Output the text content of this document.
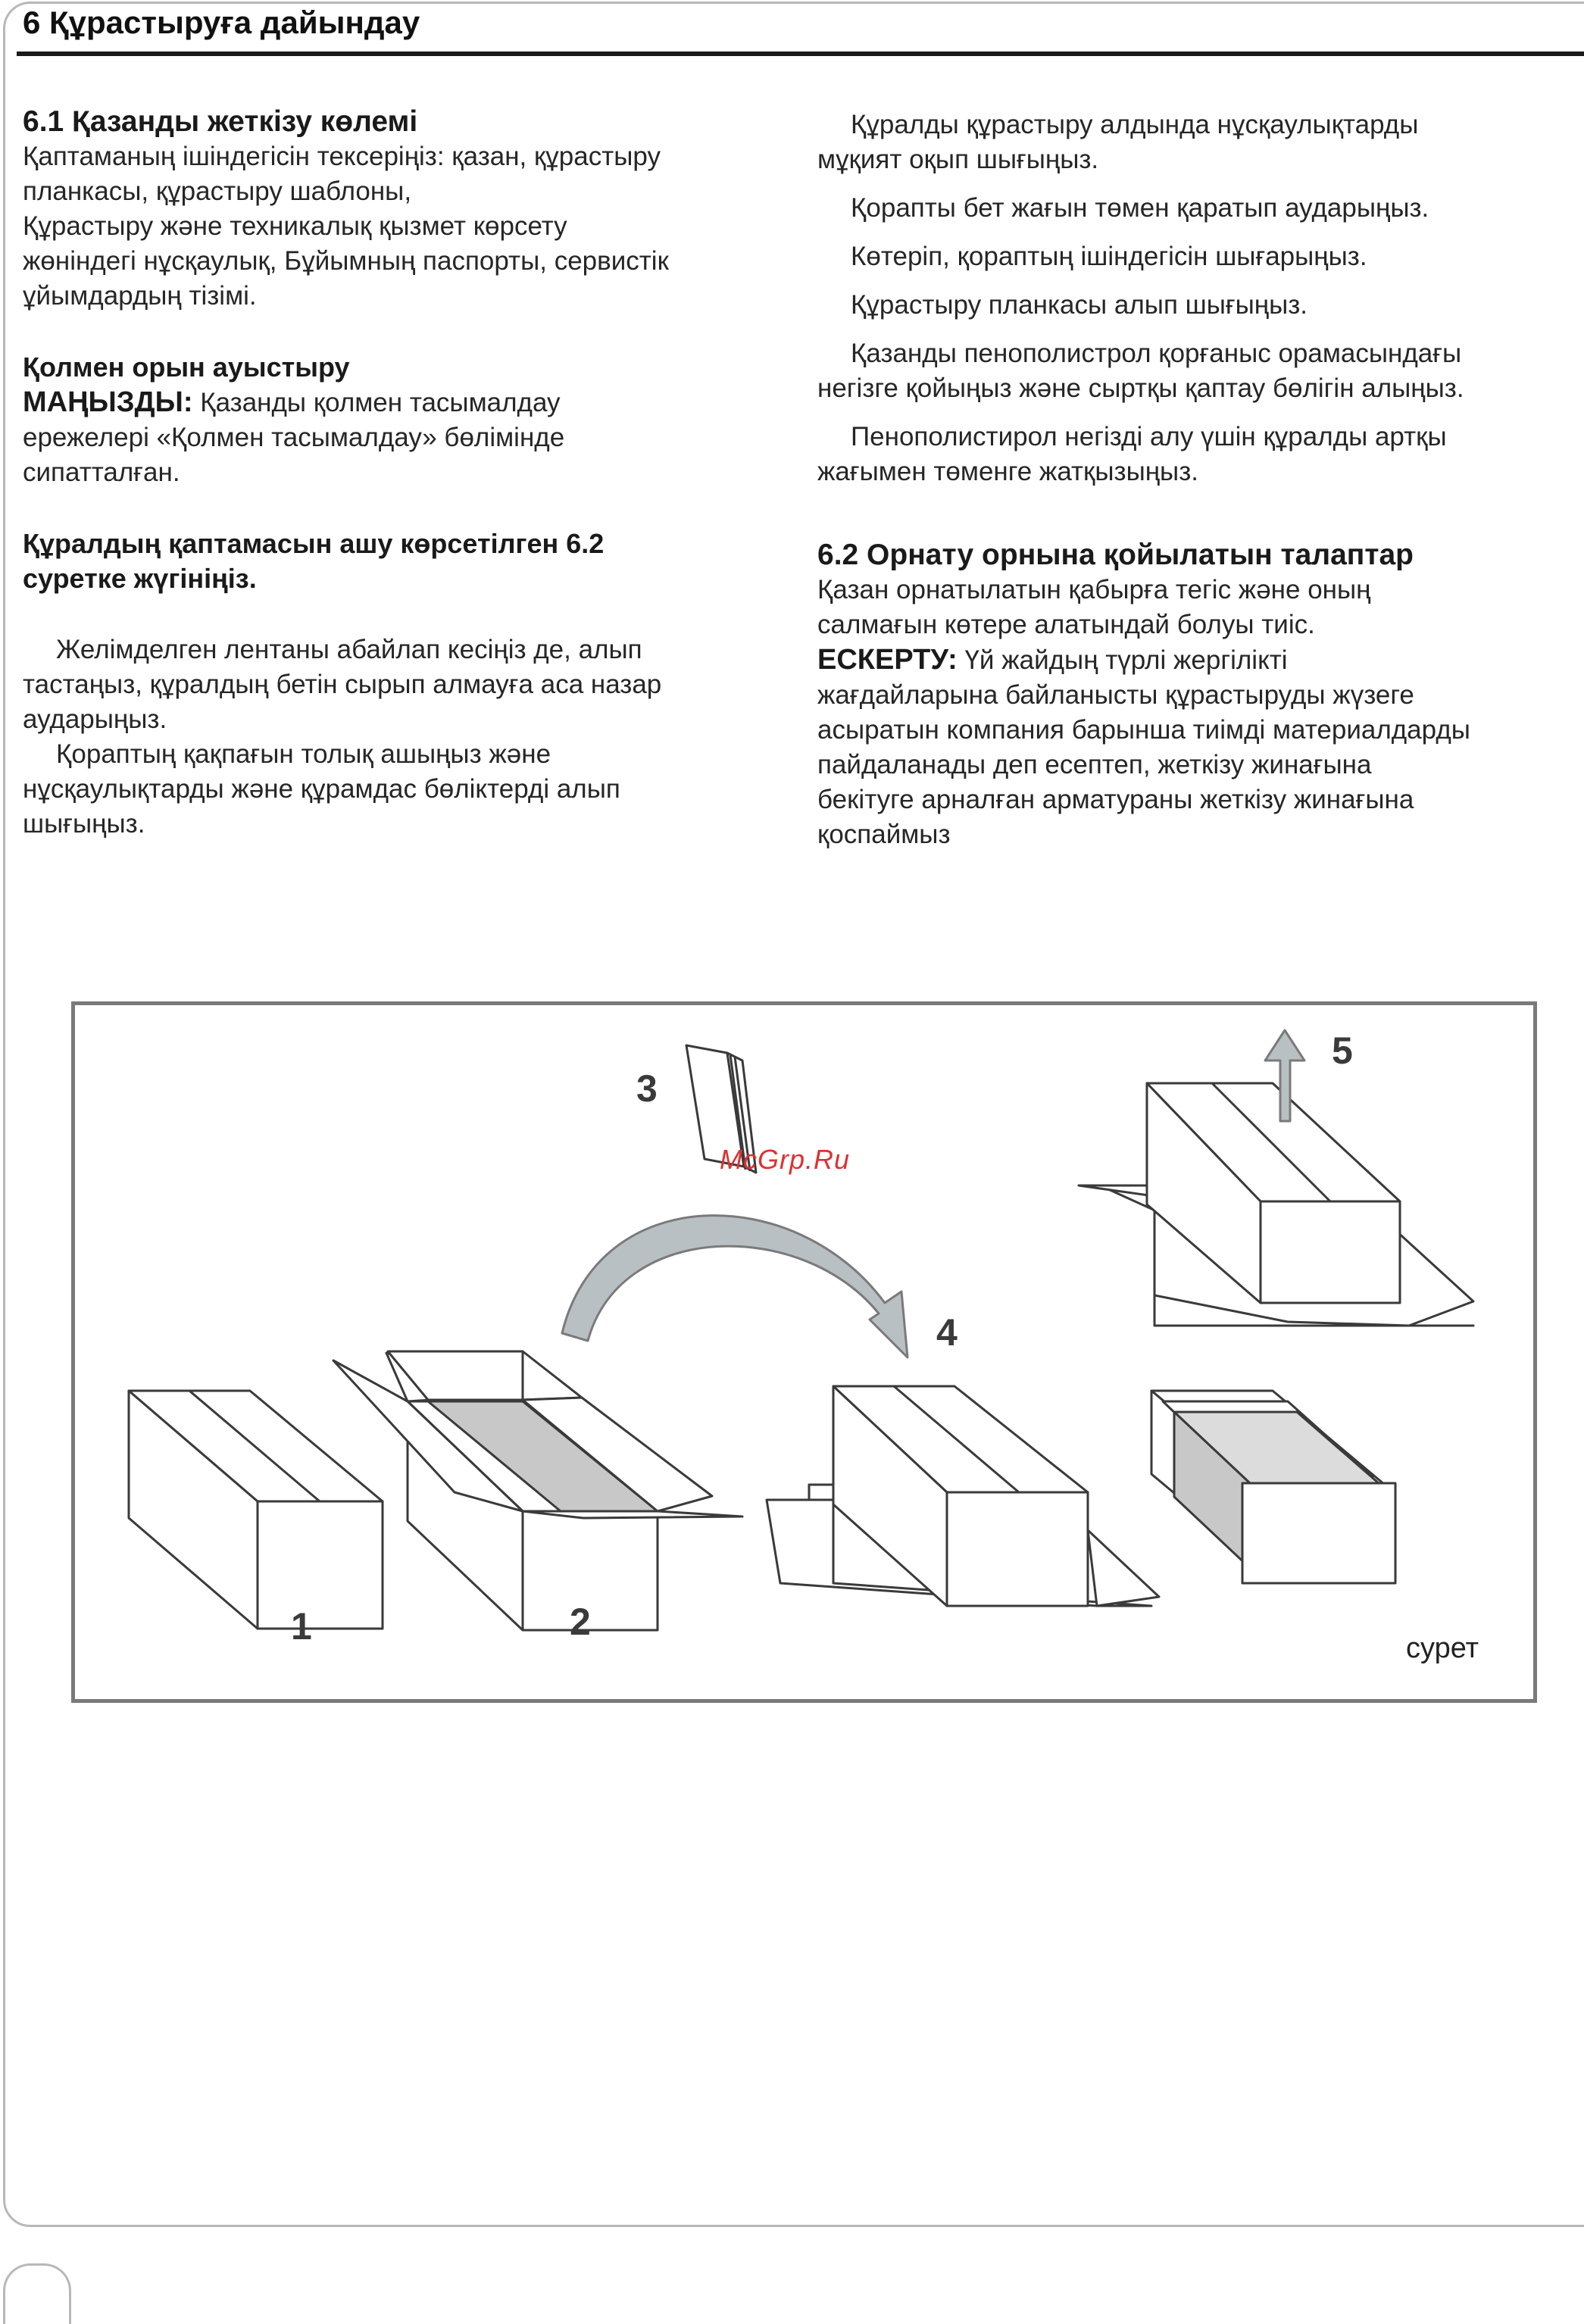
6 Құрастыруға дайындау

6.1 Қазанды жеткізу көлемі

Қаптаманың ішіндегісін тексеріңіз: қазан, құрастыру

планкасы, құрастыру шаблоны,

Құрастыру және техникалық қызмет көрсету

жөніндегі нұсқаулық, Бұйымның паспорты, сервистік

ұйымдардың тізімі.

Қолмен орын ауыстыру

МАҢЫЗДЫ: Қазанды қолмен тасымалдау

ережелері «Қолмен тасымалдау» бөлімінде

сипатталған.

Құралдың қаптамасын ашу көрсетілген 6.2

суретке жүгініңіз.

Желімделген лентаны абайлап кесіңіз де, алып

тастаңыз, құралдың бетін сырып алмауға аса назар

аударыңыз.

Қораптың қақпағын толық ашыңыз және

нұсқаулықтарды және құрамдас бөліктерді алып

шығыңыз.

Құралды құрастыру алдында нұсқаулықтарды

мұқият оқып шығыңыз.

Қорапты бет жағын төмен қаратып аударыңыз.

Көтеріп, қораптың ішіндегісін шығарыңыз.

Құрастыру планкасы алып шығыңыз.

Қазанды пенополистрол қорғаныс орамасындағы

негізге қойыңыз және сыртқы қаптау бөлігін алыңыз.

Пенополистирол негізді алу үшін құралды артқы

жағымен төменге жатқызыңыз.

6.2 Орнату орнына қойылатын талаптар

Қазан орнатылатын қабырға тегіс және оның

салмағын көтере алатындай болуы тиіс.

ЕСКЕРТУ: Үй жайдың түрлі жергілікті

жағдайларына байланысты құрастыруды жүзеге

асыратын компания барынша тиімді материалдарды

пайдаланады деп есептеп, жеткізу жинағына

бекітуге арналған арматураны жеткізу жинағына

қоспаймыз

1	2
3
4
5
McGrp.Ru
сурет
